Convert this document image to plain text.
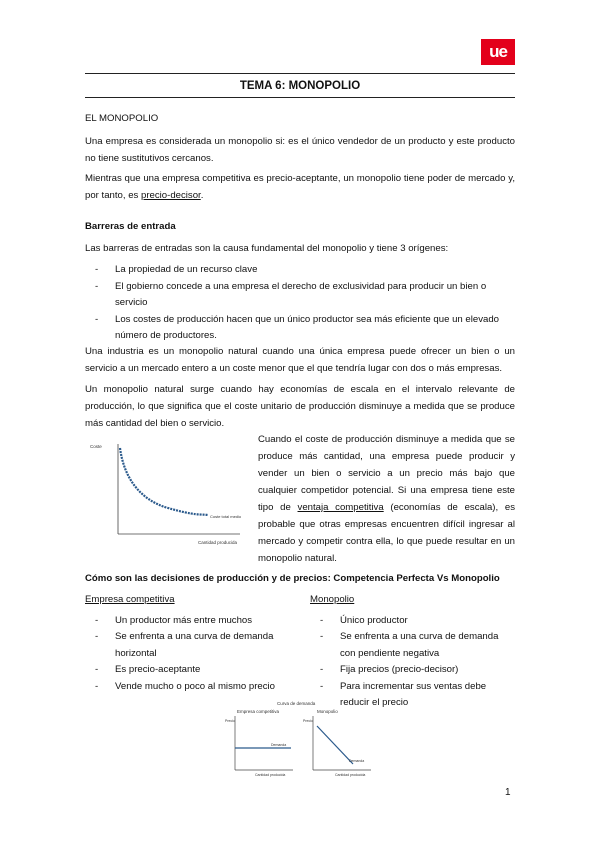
ue
TEMA 6: MONOPOLIO
EL MONOPOLIO
Una empresa es considerada un monopolio si: es el único vendedor de un producto y este producto no tiene sustitutivos cercanos.
Mientras que una empresa competitiva es precio-aceptante, un monopolio tiene poder de mercado y, por tanto, es precio-decisor.
Barreras de entrada
Las barreras de entradas son la causa fundamental del monopolio y tiene 3 orígenes:
- La propiedad de un recurso clave
- El gobierno concede a una empresa el derecho de exclusividad para producir un bien o servicio
- Los costes de producción hacen que un único productor sea más eficiente que un elevado número de productores.
Una industria es un monopolio natural cuando una única empresa puede ofrecer un bien o un servicio a un mercado entero a un coste menor que el que tendría lugar con dos o más empresas.
Un monopolio natural surge cuando hay economías de escala en el intervalo relevante de producción, lo que significa que el coste unitario de producción disminuye a medida que se produce más cantidad del bien o servicio.
Coste
Cantidad producida
Coste total medio
Cuando el coste de producción disminuye a medida que se produce más cantidad, una empresa puede producir y vender un bien o servicio a un precio más bajo que cualquier competidor potencial. Si una empresa tiene este tipo de ventaja competitiva (economías de escala), es probable que otras empresas encuentren difícil ingresar al mercado y competir contra ella, lo que puede resultar en un monopolio natural.
Cómo son las decisiones de producción y de precios: Competencia Perfecta Vs Monopolio
Empresa competitiva
- Un productor más entre muchos
- Se enfrenta a una curva de demanda horizontal
- Es precio-aceptante
- Vende mucho o poco al mismo precio
Monopolio
- Único productor
- Se enfrenta a una curva de demanda con pendiente negativa
- Fija precios (precio-decisor)
- Para incrementar sus ventas debe reducir el precio
Curva de demanda
Empresa competitiva	Monopolio
Precio	Precio
Demanda
Cantidad producida
Demanda
Cantidad producida
1
